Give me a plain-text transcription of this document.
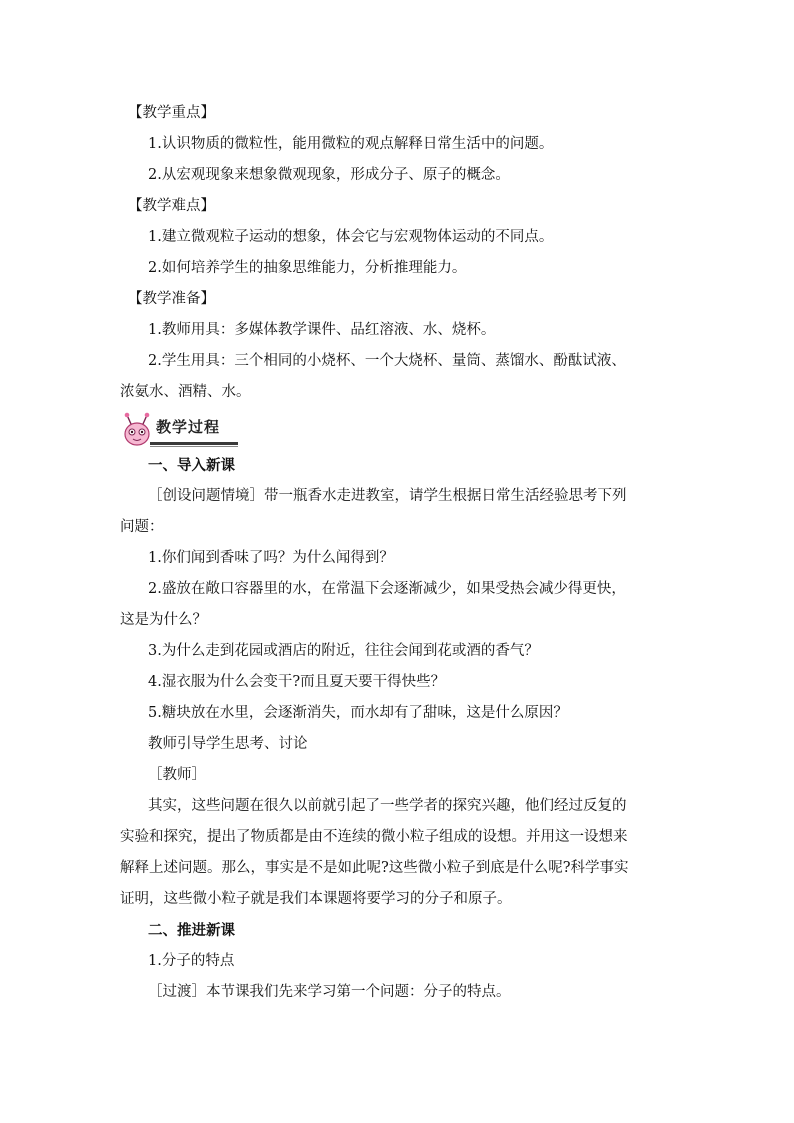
【教学重点】
1.认识物质的微粒性，能用微粒的观点解释日常生活中的问题。
2.从宏观现象来想象微观现象，形成分子、原子的概念。
【教学难点】
1.建立微观粒子运动的想象，体会它与宏观物体运动的不同点。
2.如何培养学生的抽象思维能力，分析推理能力。
【教学准备】
1.教师用具：多媒体教学课件、品红溶液、水、烧杯。
2.学生用具：三个相同的小烧杯、一个大烧杯、量筒、蒸馏水、酚酞试液、
浓氨水、酒精、水。
教学过程
一、导入新课
［创设问题情境］带一瓶香水走进教室，请学生根据日常生活经验思考下列
问题：
1.你们闻到香味了吗？为什么闻得到？
2.盛放在敞口容器里的水，在常温下会逐渐减少，如果受热会减少得更快，
这是为什么？
3.为什么走到花园或酒店的附近，往往会闻到花或酒的香气？
4.湿衣服为什么会变干?而且夏天要干得快些？
5.糖块放在水里，会逐渐消失，而水却有了甜味，这是什么原因？
教师引导学生思考、讨论
［教师］
其实，这些问题在很久以前就引起了一些学者的探究兴趣，他们经过反复的
实验和探究，提出了物质都是由不连续的微小粒子组成的设想。并用这一设想来
解释上述问题。那么，事实是不是如此呢?这些微小粒子到底是什么呢?科学事实
证明，这些微小粒子就是我们本课题将要学习的分子和原子。
二、推进新课
1.分子的特点
［过渡］本节课我们先来学习第一个问题：分子的特点。
